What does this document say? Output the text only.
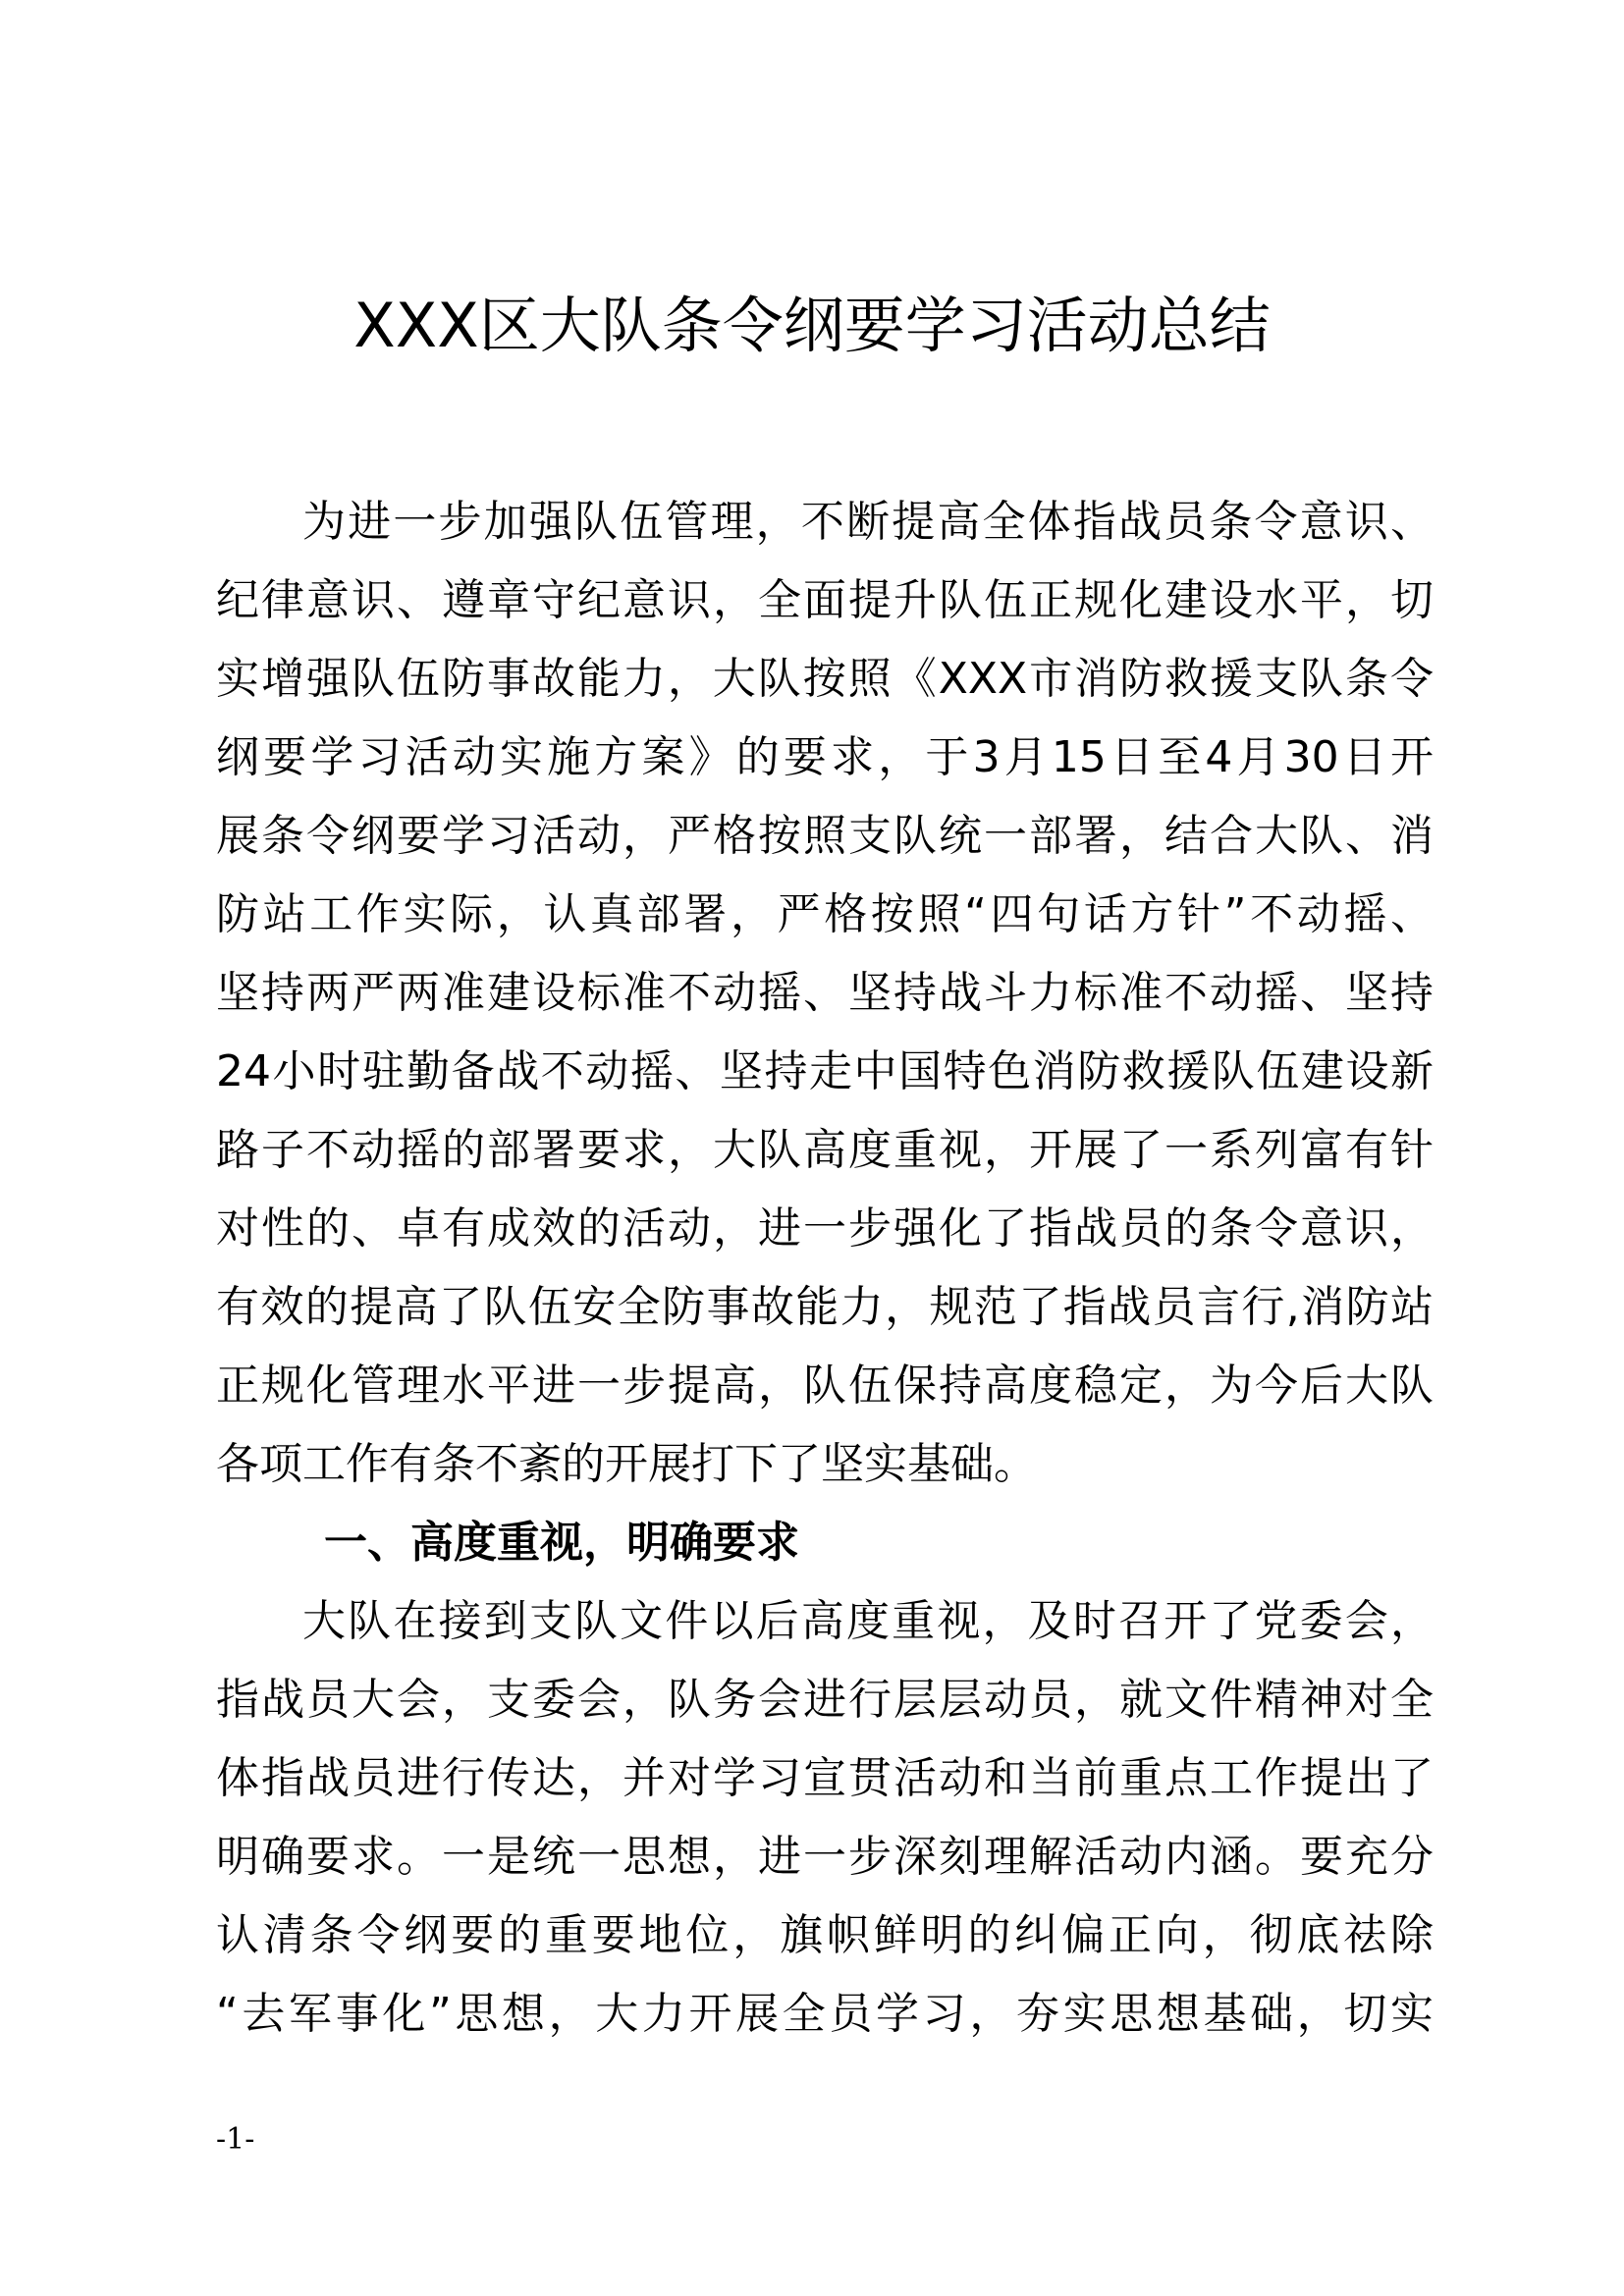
XXX区大队条令纲要学习活动总结
为进一步加强队伍管理，不断提高全体指战员条令意识、
纪律意识、遵章守纪意识，全面提升队伍正规化建设水平，切
实增强队伍防事故能力，大队按照《XXX市消防救援支队条令
纲要学习活动实施方案》的要求，于3月15日至4月30日开
展条令纲要学习活动，严格按照支队统一部署，结合大队、消
防站工作实际，认真部署，严格按照“四句话方针”不动摇、
坚持两严两准建设标准不动摇、坚持战斗力标准不动摇、坚持
24小时驻勤备战不动摇、坚持走中国特色消防救援队伍建设新
路子不动摇的部署要求，大队高度重视，开展了一系列富有针
对性的、卓有成效的活动，进一步强化了指战员的条令意识，
有效的提高了队伍安全防事故能力，规范了指战员言行,消防站
正规化管理水平进一步提高，队伍保持高度稳定，为今后大队
各项工作有条不紊的开展打下了坚实基础。
一、高度重视，明确要求
大队在接到支队文件以后高度重视，及时召开了党委会，
指战员大会，支委会，队务会进行层层动员，就文件精神对全
体指战员进行传达，并对学习宣贯活动和当前重点工作提出了
明确要求。一是统一思想，进一步深刻理解活动内涵。要充分
认清条令纲要的重要地位，旗帜鲜明的纠偏正向，彻底祛除
“去军事化”思想，大力开展全员学习，夯实思想基础，切实
-1-
